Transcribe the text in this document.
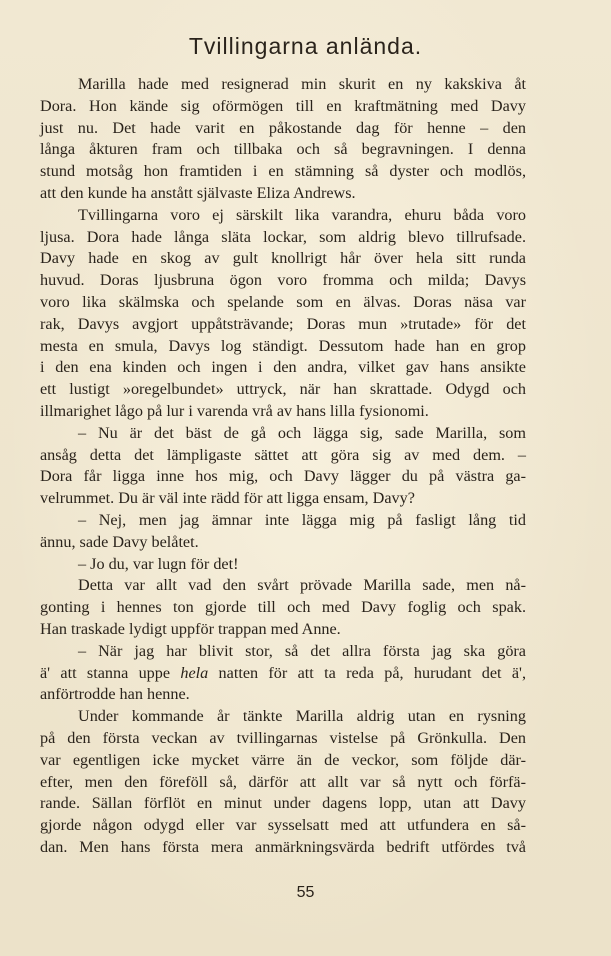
Tvillingarna anlända.
Marilla hade med resignerad min skurit en ny kakskiva åt
Dora. Hon kände sig oförmögen till en kraftmätning med Davy
just nu. Det hade varit en påkostande dag för henne – den
långa åkturen fram och tillbaka och så begravningen. I denna
stund motsåg hon framtiden i en stämning så dyster och modlös,
att den kunde ha anstått självaste Eliza Andrews.
Tvillingarna voro ej särskilt lika varandra, ehuru båda voro
ljusa. Dora hade långa släta lockar, som aldrig blevo tillrufsade.
Davy hade en skog av gult knollrigt hår över hela sitt runda
huvud. Doras ljusbruna ögon voro fromma och milda; Davys
voro lika skälmska och spelande som en älvas. Doras näsa var
rak, Davys avgjort uppåtsträvande; Doras mun »trutade» för det
mesta en smula, Davys log ständigt. Dessutom hade han en grop
i den ena kinden och ingen i den andra, vilket gav hans ansikte
ett lustigt »oregelbundet» uttryck, när han skrattade. Odygd och
illmarighet lågo på lur i varenda vrå av hans lilla fysionomi.
– Nu är det bäst de gå och lägga sig, sade Marilla, som
ansåg detta det lämpligaste sättet att göra sig av med dem. –
Dora får ligga inne hos mig, och Davy lägger du på västra ga-
velrummet. Du är väl inte rädd för att ligga ensam, Davy?
– Nej, men jag ämnar inte lägga mig på fasligt lång tid
ännu, sade Davy belåtet.
– Jo du, var lugn för det!
Detta var allt vad den svårt prövade Marilla sade, men nå-
gonting i hennes ton gjorde till och med Davy foglig och spak.
Han traskade lydigt uppför trappan med Anne.
– När jag har blivit stor, så det allra första jag ska göra
ä' att stanna uppe hela natten för att ta reda på, hurudant det ä',
anförtrodde han henne.
Under kommande år tänkte Marilla aldrig utan en rysning
på den första veckan av tvillingarnas vistelse på Grönkulla. Den
var egentligen icke mycket värre än de veckor, som följde där-
efter, men den föreföll så, därför att allt var så nytt och förfä-
rande. Sällan förflöt en minut under dagens lopp, utan att Davy
gjorde någon odygd eller var sysselsatt med att utfundera en så-
dan. Men hans första mera anmärkningsvärda bedrift utfördes två
55
